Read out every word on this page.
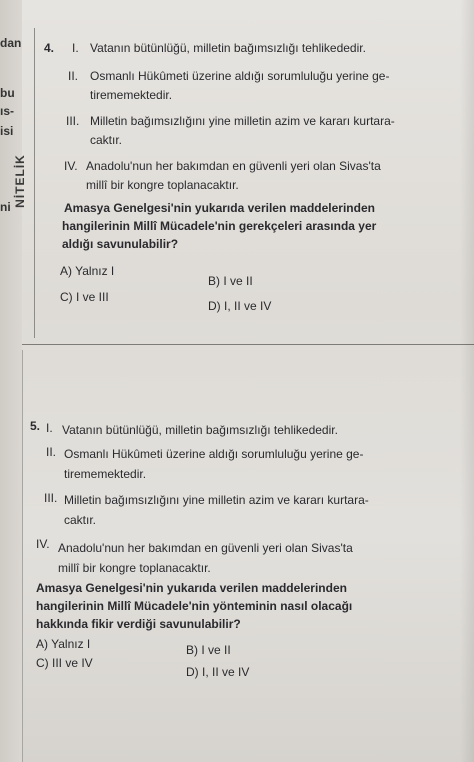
dan
bu
ıs-
isi
ni NİTELİK
4. I. Vatanın bütünlüğü, milletin bağımsızlığı tehlikededir.
II. Osmanlı Hükûmeti üzerine aldığı sorumluluğu yerine ge-
tirememektedir.
III. Milletin bağımsızlığını yine milletin azim ve kararı kurtara-
caktır.
IV. Anadolu'nun her bakımdan en güvenli yeri olan Sivas'ta
millî bir kongre toplanacaktır.
Amasya Genelgesi'nin yukarıda verilen maddelerinden
hangilerinin Millî Mücadele'nin gerekçeleri arasında yer
aldığı savunulabilir?
A) Yalnız I
B) I ve II
C) I ve III
D) I, II ve IV
5. I. Vatanın bütünlüğü, milletin bağımsızlığı tehlikededir.
II. Osmanlı Hükûmeti üzerine aldığı sorumluluğu yerine ge-
tirememektedir.
III. Milletin bağımsızlığını yine milletin azim ve kararı kurtara-
caktır.
IV. Anadolu'nun her bakımdan en güvenli yeri olan Sivas'ta
millî bir kongre toplanacaktır.
Amasya Genelgesi'nin yukarıda verilen maddelerinden
hangilerinin Millî Mücadele'nin yönteminin nasıl olacağı
hakkında fikir verdiği savunulabilir?
A) Yalnız I	B) I ve II
C) III ve IV
D) I, II ve IV
